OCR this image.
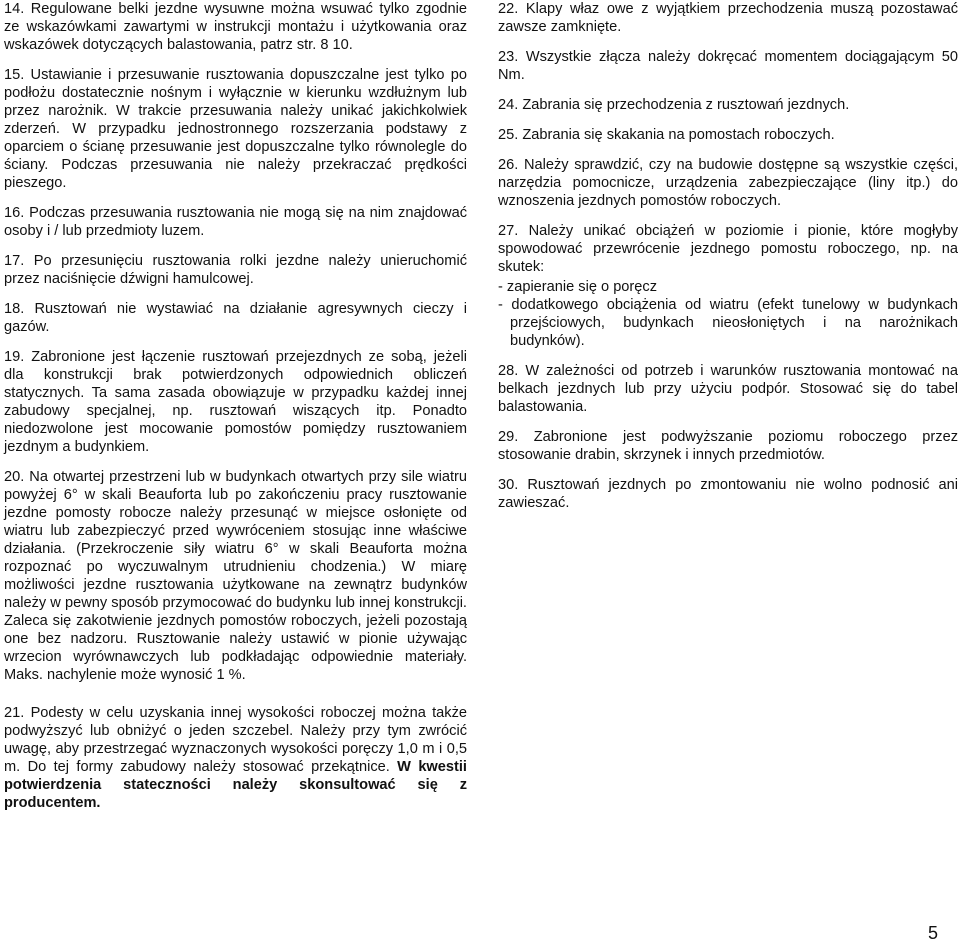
14. Regulowane belki jezdne wysuwne można wsuwać tylko zgodnie ze wskazówkami zawartymi w instrukcji montażu i użytkowania oraz wskazówek dotyczących balastowania, patrz str. 8 10.

15. Ustawianie i przesuwanie rusztowania dopuszczalne jest tylko po podłożu dostatecznie nośnym i wyłącznie w kierunku wzdłużnym lub przez narożnik. W trakcie przesuwania należy unikać jakichkolwiek zderzeń. W przypadku jednostronnego rozszerzania podstawy z oparciem o ścianę przesuwanie jest dopuszczalne tylko równolegle do ściany. Podczas przesuwania nie należy przekraczać prędkości pieszego.

16. Podczas przesuwania rusztowania nie mogą się na nim znajdować osoby i / lub przedmioty luzem.

17. Po przesunięciu rusztowania rolki jezdne należy unieruchomić przez naciśnięcie dźwigni hamulcowej.

18. Rusztowań nie wystawiać na działanie agresywnych cieczy i gazów.

19. Zabronione jest łączenie rusztowań przejezdnych ze sobą, jeżeli dla konstrukcji brak potwierdzonych odpowiednich obliczeń statycznych. Ta sama zasada obowiązuje w przypadku każdej innej zabudowy specjalnej, np. rusztowań wiszących itp. Ponadto niedozwolone jest mocowanie pomostów pomiędzy rusztowaniem jezdnym a budynkiem.

20. Na otwartej przestrzeni lub w budynkach otwartych przy sile wiatru powyżej 6° w skali Beauforta lub po zakończeniu pracy rusztowanie jezdne pomosty robocze należy przesunąć w miejsce osłonięte od wiatru lub zabezpieczyć przed wywróceniem stosując inne właściwe działania. (Przekroczenie siły wiatru 6° w skali Beauforta można rozpoznać po wyczuwalnym utrudnieniu chodzenia.) W miarę możliwości jezdne rusztowania użytkowane na zewnątrz budynków należy w pewny sposób przymocować do budynku lub innej konstrukcji. Zaleca się zakotwienie jezdnych pomostów roboczych, jeżeli pozostają one bez nadzoru. Rusztowanie należy ustawić w pionie używając wrzecion wyrównawczych lub podkładając odpowiednie materiały. Maks. nachylenie może wynosić 1 %.

21. Podesty w celu uzyskania innej wysokości roboczej można także podwyższyć lub obniżyć o jeden szczebel. Należy przy tym zwrócić uwagę, aby przestrzegać wyznaczonych wysokości poręczy 1,0 m i 0,5 m. Do tej formy zabudowy należy stosować przekątnice. W kwestii potwierdzenia stateczności należy skonsultować się z producentem.

22. Klapy właz owe z wyjątkiem przechodzenia muszą pozostawać zawsze zamknięte.

23. Wszystkie złącza należy dokręcać momentem dociągającym 50 Nm.

24. Zabrania się przechodzenia z rusztowań jezdnych.

25. Zabrania się skakania na pomostach roboczych.

26. Należy sprawdzić, czy na budowie dostępne są wszystkie części, narzędzia pomocnicze, urządzenia zabezpieczające (liny itp.) do wznoszenia jezdnych pomostów roboczych.

27. Należy unikać obciążeń w poziomie i pionie, które mogłyby spowodować przewrócenie jezdnego pomostu roboczego, np. na skutek:

- zapieranie się o poręcz
- dodatkowego obciążenia od wiatru (efekt tunelowy w budynkach przejściowych, budynkach nieosłoniętych i na narożnikach budynków).

28. W zależności od potrzeb i warunków rusztowania montować na belkach jezdnych lub przy użyciu podpór. Stosować się do tabel balastowania.

29. Zabronione jest podwyższanie poziomu roboczego przez stosowanie drabin, skrzynek i innych przedmiotów.

30. Rusztowań jezdnych po zmontowaniu nie wolno podnosić ani zawieszać.

5
